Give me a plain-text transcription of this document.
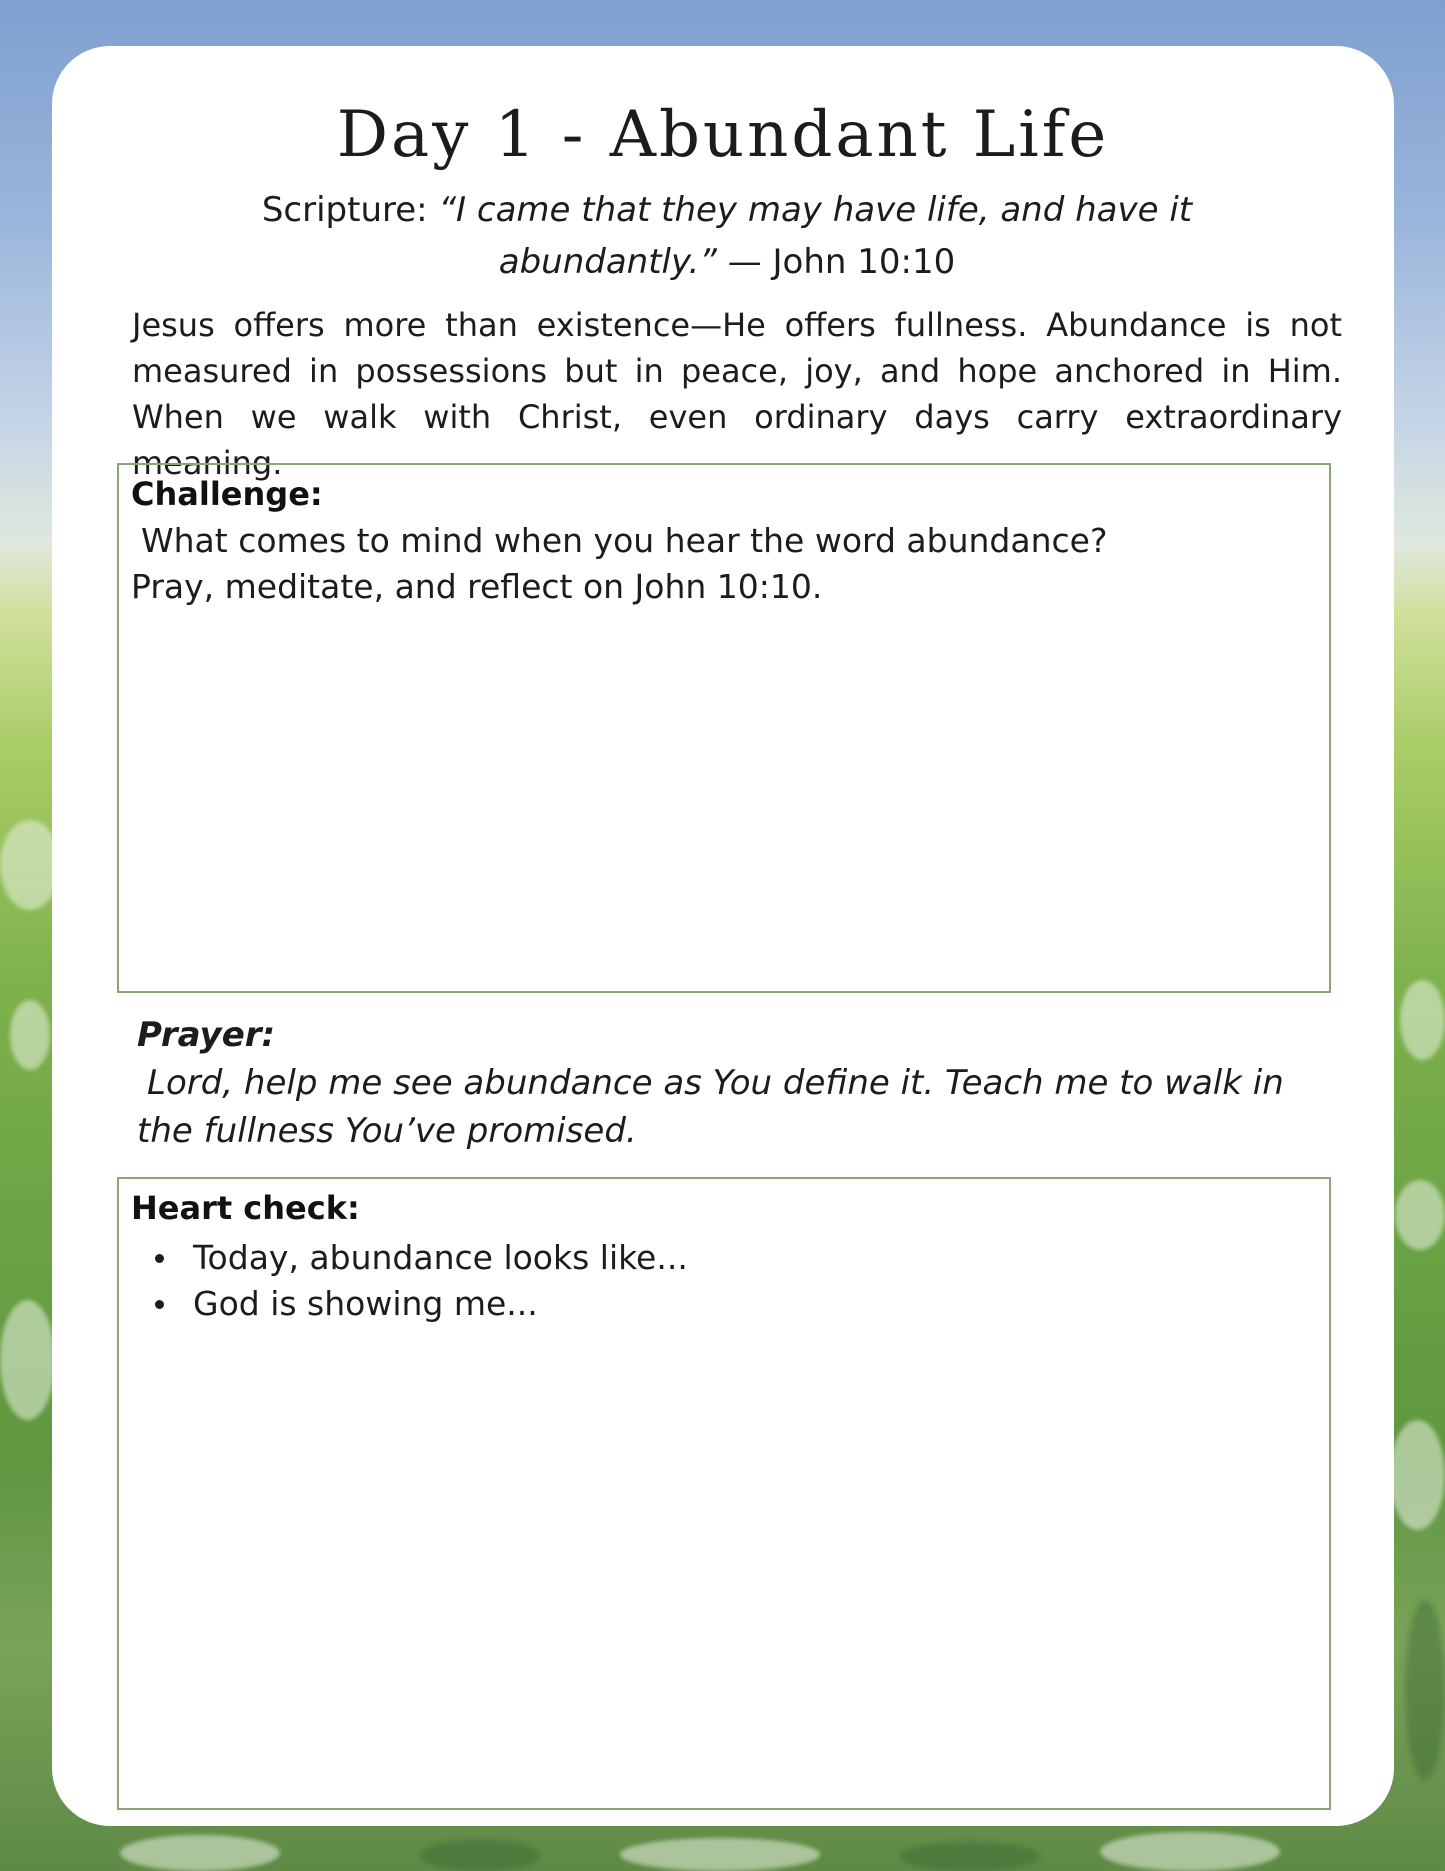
Day 1 - Abundant Life
Scripture: “I came that they may have life, and have it abundantly.” — John 10:10
Jesus offers more than existence—He offers fullness. Abundance is not measured in possessions but in peace, joy, and hope anchored in Him. When we walk with Christ, even ordinary days carry extraordinary meaning.
Challenge:
What comes to mind when you hear the word abundance?
Pray, meditate, and reflect on John 10:10.
Prayer:
Lord, help me see abundance as You define it. Teach me to walk in the fullness You’ve promised.
Heart check:
Today, abundance looks like...
God is showing me...
